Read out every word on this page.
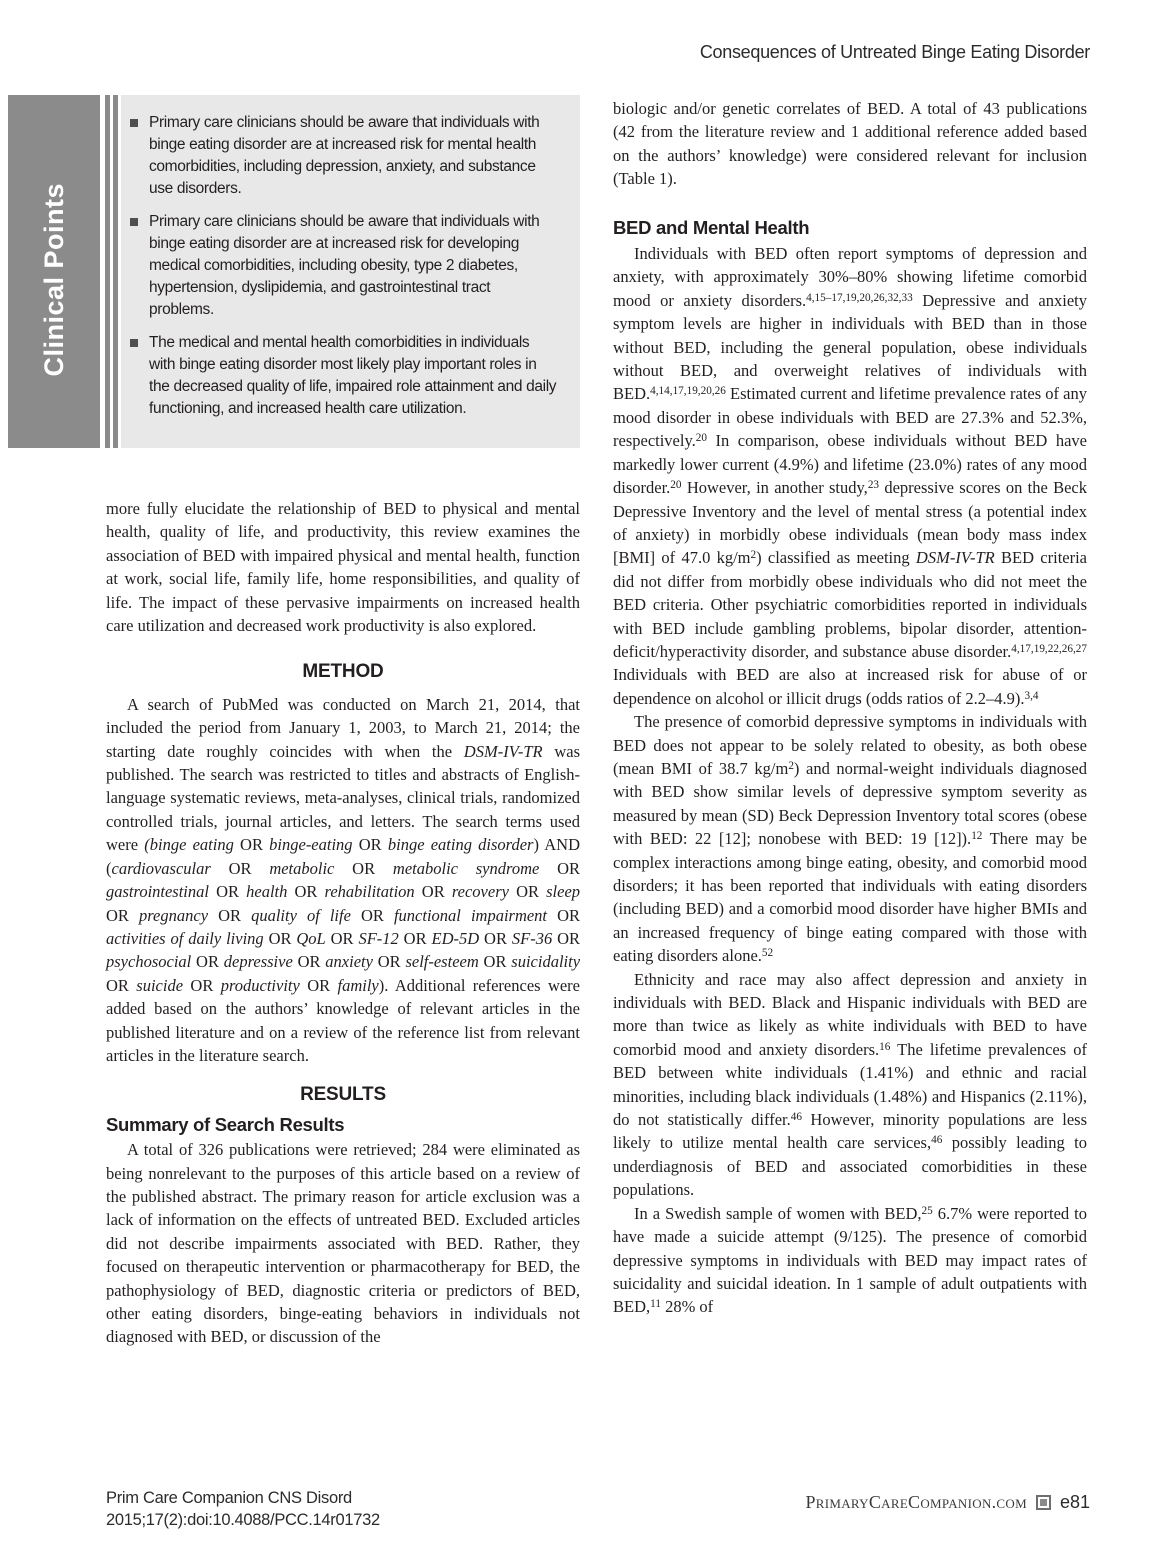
Consequences of Untreated Binge Eating Disorder
Clinical Points
Primary care clinicians should be aware that individuals with binge eating disorder are at increased risk for mental health comorbidities, including depression, anxiety, and substance use disorders.
Primary care clinicians should be aware that individuals with binge eating disorder are at increased risk for developing medical comorbidities, including obesity, type 2 diabetes, hypertension, dyslipidemia, and gastrointestinal tract problems.
The medical and mental health comorbidities in individuals with binge eating disorder most likely play important roles in the decreased quality of life, impaired role attainment and daily functioning, and increased health care utilization.

more fully elucidate the relationship of BED to physical and mental health, quality of life, and productivity, this review examines the association of BED with impaired physical and mental health, function at work, social life, family life, home responsibilities, and quality of life. The impact of these pervasive impairments on increased health care utilization and decreased work productivity is also explored.

METHOD

A search of PubMed was conducted on March 21, 2014, that included the period from January 1, 2003, to March 21, 2014; the starting date roughly coincides with when the DSM-IV-TR was published. The search was restricted to titles and abstracts of English-language systematic reviews, meta-analyses, clinical trials, randomized controlled trials, journal articles, and letters. The search terms used were (binge eating OR binge-eating OR binge eating disorder) AND (cardiovascular OR metabolic OR metabolic syndrome OR gastrointestinal OR health OR rehabilitation OR recovery OR sleep OR pregnancy OR quality of life OR functional impairment OR activities of daily living OR QoL OR SF-12 OR ED-5D OR SF-36 OR psychosocial OR depressive OR anxiety OR self-esteem OR suicidality OR suicide OR productivity OR family). Additional references were added based on the authors’ knowledge of relevant articles in the published literature and on a review of the reference list from relevant articles in the literature search.

RESULTS
Summary of Search Results

A total of 326 publications were retrieved; 284 were eliminated as being nonrelevant to the purposes of this article based on a review of the published abstract. The primary reason for article exclusion was a lack of information on the effects of untreated BED. Excluded articles did not describe impairments associated with BED. Rather, they focused on therapeutic intervention or pharmacotherapy for BED, the pathophysiology of BED, diagnostic criteria or predictors of BED, other eating disorders, binge-eating behaviors in individuals not diagnosed with BED, or discussion of the

biologic and/or genetic correlates of BED. A total of 43 publications (42 from the literature review and 1 additional reference added based on the authors’ knowledge) were considered relevant for inclusion (Table 1).

BED and Mental Health

Individuals with BED often report symptoms of depression and anxiety, with approximately 30%–80% showing lifetime comorbid mood or anxiety disorders.$^{4,15-17,19,20,26,32,33}$ Depressive and anxiety symptom levels are higher in individuals with BED than in those without BED, including the general population, obese individuals without BED, and overweight relatives of individuals with BED.$^{4,14,17,19,20,26}$ Estimated current and lifetime prevalence rates of any mood disorder in obese individuals with BED are 27.3% and 52.3%, respectively.$^{20}$ In comparison, obese individuals without BED have markedly lower current (4.9%) and lifetime (23.0%) rates of any mood disorder.$^{20}$ However, in another study,$^{23}$ depressive scores on the Beck Depressive Inventory and the level of mental stress (a potential index of anxiety) in morbidly obese individuals (mean body mass index [BMI] of 47.0 $kg/m^2$) classified as meeting DSM-IV-TR BED criteria did not differ from morbidly obese individuals who did not meet the BED criteria. Other psychiatric comorbidities reported in individuals with BED include gambling problems, bipolar disorder, attention-deficit/hyperactivity disorder, and substance abuse disorder.$^{4,17,19,22,26,27}$ Individuals with BED are also at increased risk for abuse of or dependence on alcohol or illicit drugs (odds ratios of 2.2–4.9).$^{3,4}$

The presence of comorbid depressive symptoms in individuals with BED does not appear to be solely related to obesity, as both obese (mean BMI of 38.7 $kg/m^2$) and normal-weight individuals diagnosed with BED show similar levels of depressive symptom severity as measured by mean (SD) Beck Depression Inventory total scores (obese with BED: 22 [12]; nonobese with BED: 19 [12]).$^{12}$ There may be complex interactions among binge eating, obesity, and comorbid mood disorders; it has been reported that individuals with eating disorders (including BED) and a comorbid mood disorder have higher BMIs and an increased frequency of binge eating compared with those with eating disorders alone.$^{52}$

Ethnicity and race may also affect depression and anxiety in individuals with BED. Black and Hispanic individuals with BED are more than twice as likely as white individuals with BED to have comorbid mood and anxiety disorders.$^{16}$ The lifetime prevalences of BED between white individuals (1.41%) and ethnic and racial minorities, including black individuals (1.48%) and Hispanics (2.11%), do not statistically differ.$^{46}$ However, minority populations are less likely to utilize mental health care services,$^{46}$ possibly leading to underdiagnosis of BED and associated comorbidities in these populations.

In a Swedish sample of women with BED,$^{25}$ 6.7% were reported to have made a suicide attempt (9/125). The presence of comorbid depressive symptoms in individuals with BED may impact rates of suicidality and suicidal ideation. In 1 sample of adult outpatients with BED,$^{11}$ 28% of

Prim Care Companion CNS Disord
2015;17(2):doi:10.4088/PCC.14r01732
PrimaryCareCompanion.com e81
